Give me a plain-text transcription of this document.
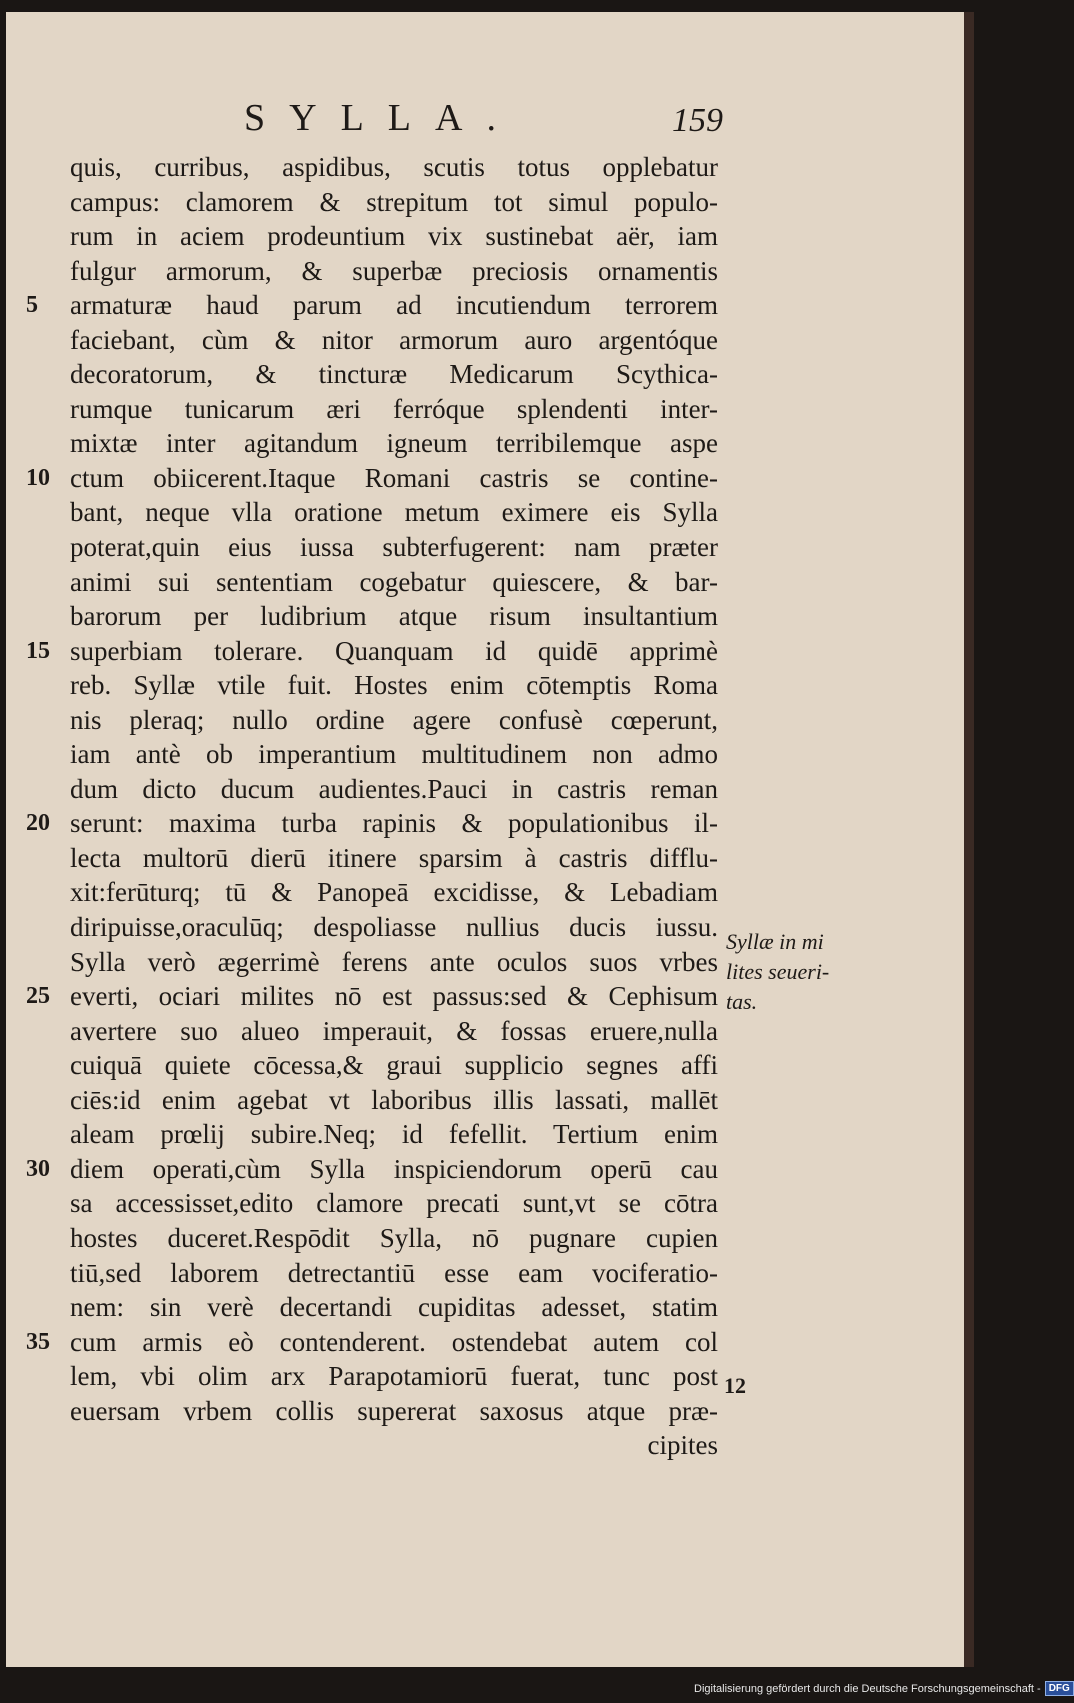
SYLLA.	159
quis, curribus, aspidibus, scutis totus opplebatur
campus: clamorem & strepitum tot simul populo-
rum in aciem prodeuntium vix sustinebat aër, iam
fulgur armorum, & superbæ preciosis ornamentis
5	armaturæ haud parum ad incutiendum terrorem
faciebant, cùm & nitor armorum auro argentóque
decoratorum, & tincturæ Medicarum Scythica-
rumque tunicarum æri ferróque splendenti inter-
mixtæ inter agitandum igneum terribilemque aspe
10 ctum obiicerent.Itaque Romani castris se contine-
bant, neque vlla oratione metum eximere eis Sylla
poterat,quin eius iussa subterfugerent: nam præter
animi sui sententiam cogebatur quiescere, & bar-
barorum per ludibrium atque risum insultantium
15 superbiam tolerare. Quanquam id quidē apprimè
reb. Syllæ vtile fuit. Hostes enim cōtemptis Roma
nis pleraq; nullo ordine agere confusè cœperunt,
iam antè ob imperantium multitudinem non admo
dum dicto ducum audientes.Pauci in castris reman
20 serunt: maxima turba rapinis & populationibus il-
lecta multorū dierū itinere sparsim à castris difflu-
xit:ferūturq; tū & Panopeā excidisse, & Lebadiam
diripuisse,oraculūq; despoliasse nullius ducis iussu.
Sylla verò ægerrimè ferens ante oculos suos vrbes
25 everti, ociari milites nō est passus:sed & Cephisum
avertere suo alueo imperauit, & fossas eruere,nulla
cuiquā quiete cōcessa,& graui supplicio segnes affi
ciēs:id enim agebat vt laboribus illis lassati, mallēt
aleam prœlij subire.Neq; id fefellit. Tertium enim
30 diem operati,cùm Sylla inspiciendorum operū cau
sa accessisset,edito clamore precati sunt,vt se cōtra
hostes duceret.Respōdit Sylla, nō pugnare cupien
tiū,sed laborem detrectantiū esse eam vociferatio-
nem: sin verè decertandi cupiditas adesset, statim
35 cum armis eò contenderent. ostendebat autem col
lem, vbi olim arx Parapotamiorū fuerat, tunc post
euersam vrbem collis supererat saxosus atque præ-
cipites
Syllæ in mi
lites seueri-
tas.
12
Digitalisierung gefördert durch die Deutsche Forschungsgemeinschaft - DFG
